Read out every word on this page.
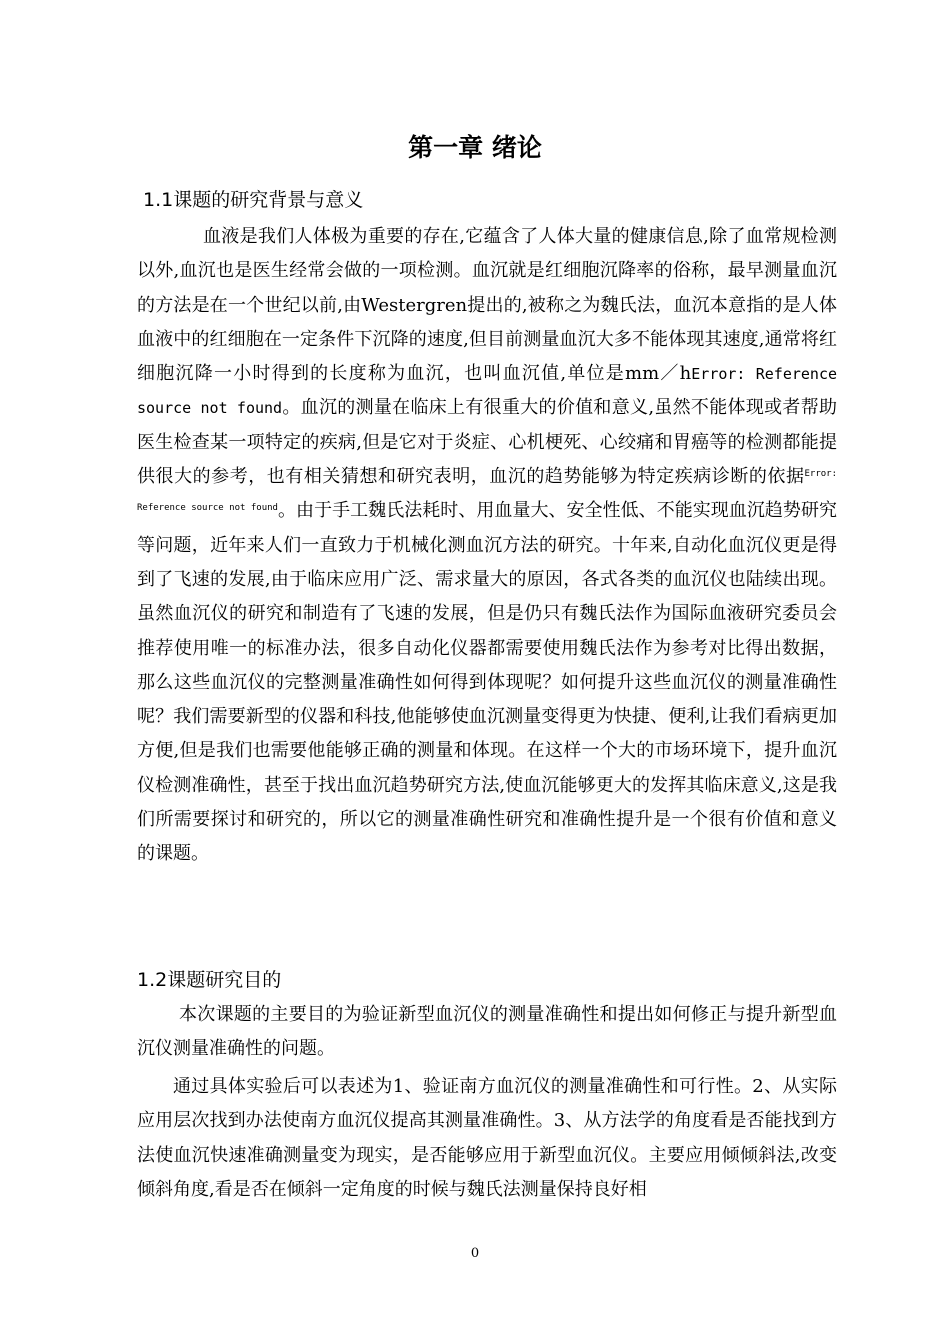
第一章 绪论
1.1课题的研究背景与意义

血液是我们人体极为重要的存在,它蕴含了人体大量的健康信息,除了血常规检测以外,血沉也是医生经常会做的一项检测。血沉就是红细胞沉降率的俗称，最早测量血沉的方法是在一个世纪以前,由Westergren提出的,被称之为魏氏法，血沉本意指的是人体血液中的红细胞在一定条件下沉降的速度,但目前测量血沉大多不能体现其速度,通常将红细胞沉降一小时得到的长度称为血沉，也叫血沉值,单位是mm／hError: Reference source not found。血沉的测量在临床上有很重大的价值和意义,虽然不能体现或者帮助医生检查某一项特定的疾病,但是它对于炎症、心机梗死、心绞痛和胃癌等的检测都能提供很大的参考，也有相关猜想和研究表明，血沉的趋势能够为特定疾病诊断的依据$^{Error: Reference source not found}$。由于手工魏氏法耗时、用血量大、安全性低、不能实现血沉趋势研究等问题，近年来人们一直致力于机械化测血沉方法的研究。十年来,自动化血沉仪更是得到了飞速的发展,由于临床应用广泛、需求量大的原因，各式各类的血沉仪也陆续出现。虽然血沉仪的研究和制造有了飞速的发展，但是仍只有魏氏法作为国际血液研究委员会推荐使用唯一的标准办法，很多自动化仪器都需要使用魏氏法作为参考对比得出数据，那么这些血沉仪的完整测量准确性如何得到体现呢？如何提升这些血沉仪的测量准确性呢？我们需要新型的仪器和科技,他能够使血沉测量变得更为快捷、便利,让我们看病更加方便,但是我们也需要他能够正确的测量和体现。在这样一个大的市场环境下，提升血沉仪检测准确性，甚至于找出血沉趋势研究方法,使血沉能够更大的发挥其临床意义,这是我们所需要探讨和研究的，所以它的测量准确性研究和准确性提升是一个很有价值和意义的课题。

1.2课题研究目的

本次课题的主要目的为验证新型血沉仪的测量准确性和提出如何修正与提升新型血沉仪测量准确性的问题。

通过具体实验后可以表述为1、验证南方血沉仪的测量准确性和可行性。2、从实际应用层次找到办法使南方血沉仪提高其测量准确性。3、从方法学的角度看是否能找到方法使血沉快速准确测量变为现实，是否能够应用于新型血沉仪。主要应用倾倾斜法,改变倾斜角度,看是否在倾斜一定角度的时候与魏氏法测量保持良好相

0
